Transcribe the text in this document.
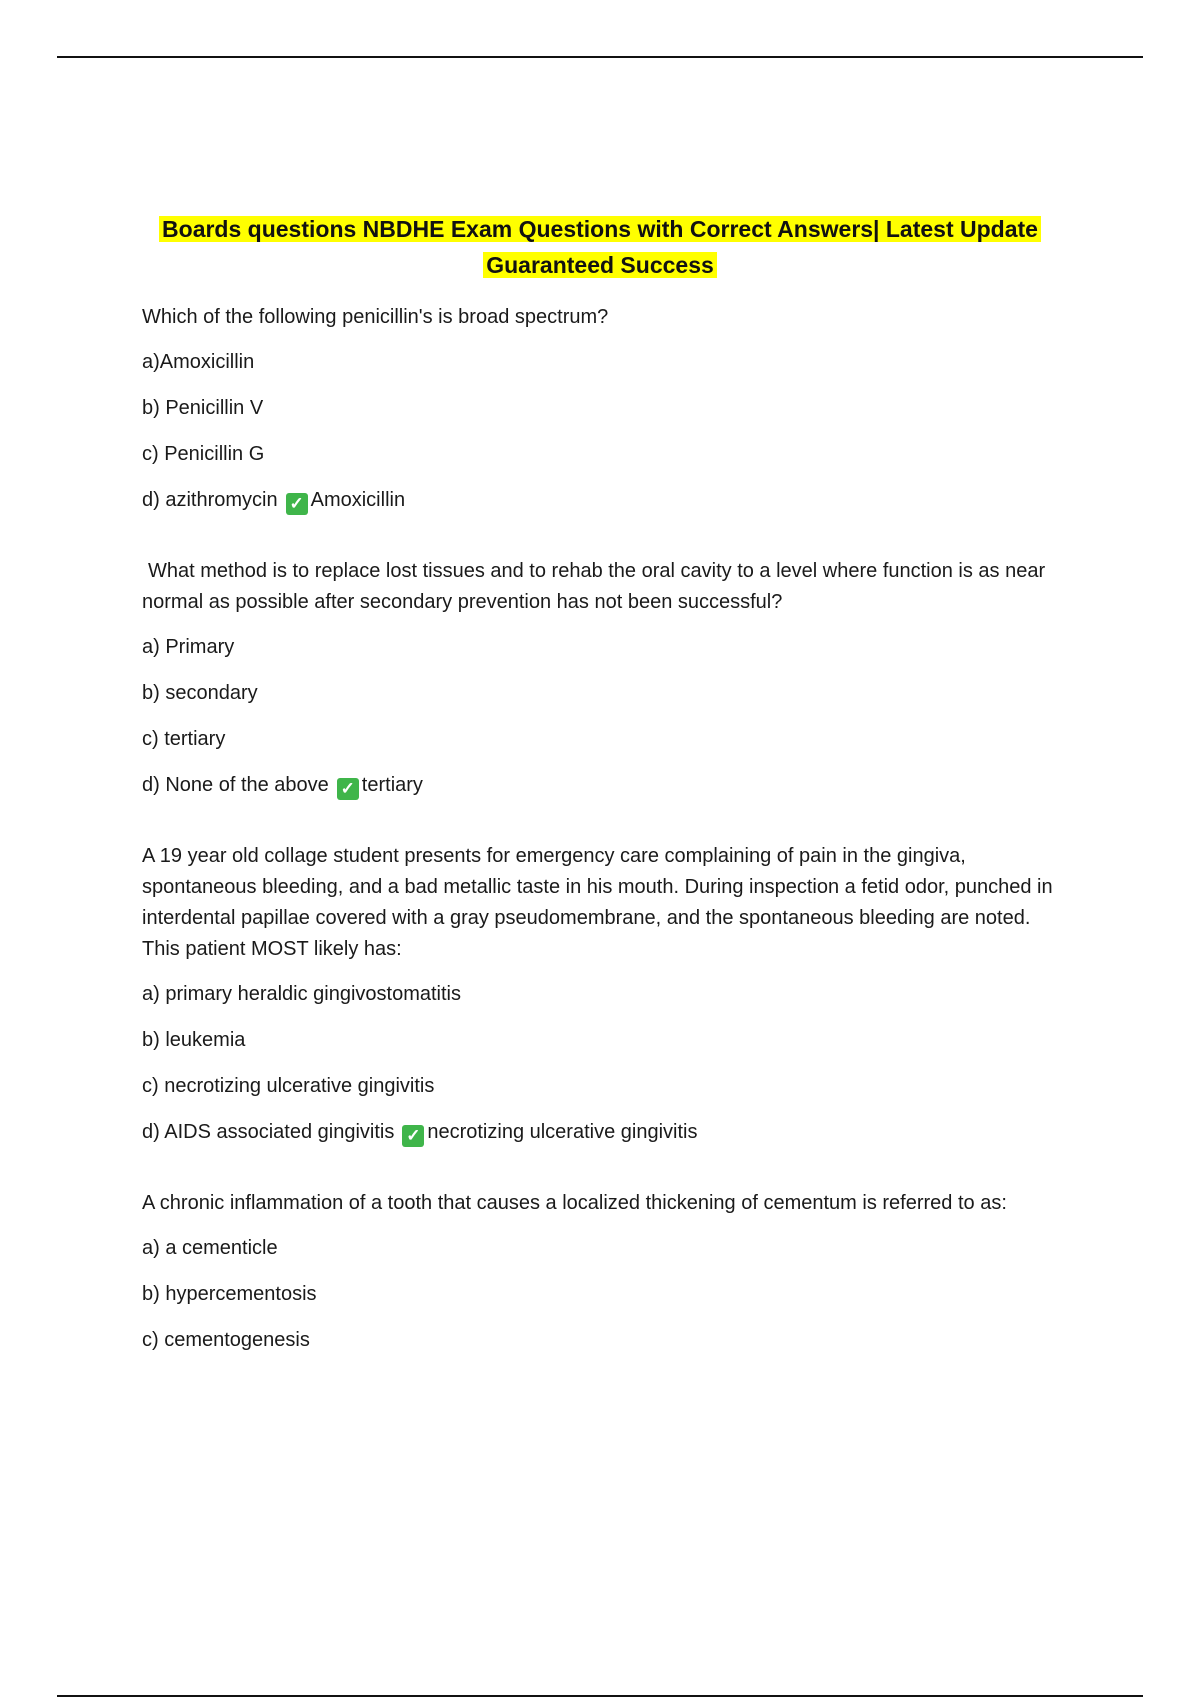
Boards questions NBDHE Exam Questions with Correct Answers| Latest Update
Guaranteed Success

Which of the following penicillin's is broad spectrum?

a)Amoxicillin

b) Penicillin V

c) Penicillin G

d) azithromycin ✓ Amoxicillin

What method is to replace lost tissues and to rehab the oral cavity to a level where function is as near normal as possible after secondary prevention has not been successful?

a) Primary

b) secondary

c) tertiary

d) None of the above ✓ tertiary

A 19 year old collage student presents for emergency care complaining of pain in the gingiva, spontaneous bleeding, and a bad metallic taste in his mouth. During inspection a fetid odor, punched in interdental papillae covered with a gray pseudomembrane, and the spontaneous bleeding are noted. This patient MOST likely has:

a) primary heraldic gingivostomatitis

b) leukemia

c) necrotizing ulcerative gingivitis

d) AIDS associated gingivitis ✓ necrotizing ulcerative gingivitis

A chronic inflammation of a tooth that causes a localized thickening of cementum is referred to as:

a) a cementicle

b) hypercementosis

c) cementogenesis
